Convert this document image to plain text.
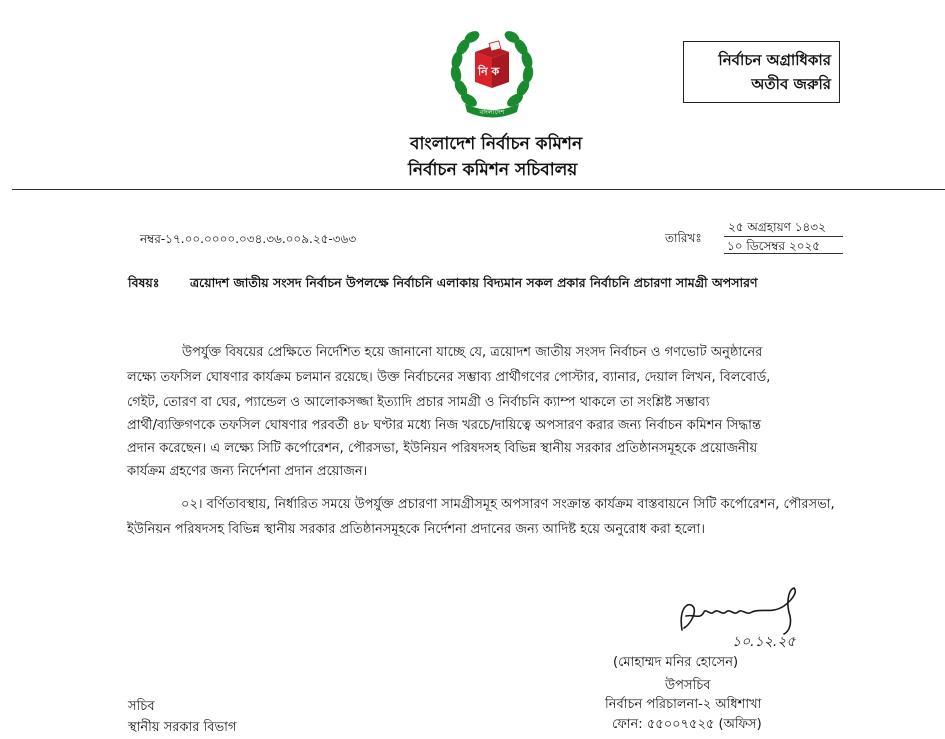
নি ক
বাংলাদেশ
বাংলাদেশ নির্বাচন কমিশন
নির্বাচন কমিশন সচিবালয়
নির্বাচন অগ্রাধিকার
অতীব জরুরি
নম্বর-১৭.০০.০০০০.০৩৪.৩৬.০০৯.২৫-৩৬৩	তারিখঃ
২৫ অগ্রহায়ণ ১৪৩২
১০ ডিসেম্বর ২০২৫
বিষয়ঃ ত্রয়োদশ জাতীয় সংসদ নির্বাচন উপলক্ষে নির্বাচনি এলাকায় বিদ্যমান সকল প্রকার নির্বাচনি প্রচারণা সামগ্রী অপসারণ
উপর্যুক্ত বিষয়ের প্রেক্ষিতে নির্দেশিত হয়ে জানানো যাচ্ছে যে, ত্রয়োদশ জাতীয় সংসদ নির্বাচন ও গণভোট অনুষ্ঠানের
লক্ষ্যে তফসিল ঘোষণার কার্যক্রম চলমান রয়েছে। উক্ত নির্বাচনের সম্ভাব্য প্রার্থীগণের পোস্টার, ব্যানার, দেয়াল লিখন, বিলবোর্ড,
গেইট, তোরণ বা ঘের, প্যান্ডেল ও আলোকসজ্জা ইত্যাদি প্রচার সামগ্রী ও নির্বাচনি ক্যাম্প থাকলে তা সংশ্লিষ্ট সম্ভাব্য
প্রার্থী/ব্যক্তিগণকে তফসিল ঘোষণার পরবর্তী ৪৮ ঘণ্টার মধ্যে নিজ খরচে/দায়িত্বে অপসারণ করার জন্য নির্বাচন কমিশন সিদ্ধান্ত
প্রদান করেছেন। এ লক্ষ্যে সিটি কর্পোরেশন, পৌরসভা, ইউনিয়ন পরিষদসহ বিভিন্ন স্থানীয় সরকার প্রতিষ্ঠানসমূহকে প্রয়োজনীয়
কার্যক্রম গ্রহণের জন্য নির্দেশনা প্রদান প্রয়োজন।
০২। বর্ণিতাবস্থায়, নির্ধারিত সময়ে উপর্যুক্ত প্রচারণা সামগ্রীসমূহ অপসারণ সংক্রান্ত কার্যক্রম বাস্তবায়নে সিটি কর্পোরেশন, পৌরসভা,
ইউনিয়ন পরিষদসহ বিভিন্ন স্থানীয় সরকার প্রতিষ্ঠানসমূহকে নির্দেশনা প্রদানের জন্য আদিষ্ট হয়ে অনুরোধ করা হলো।
১০.১২.২৫
(মোহাম্মদ মনির হোসেন)
উপসচিব
নির্বাচন পরিচালনা-২ অধিশাখা
ফোন: ৫৫০০৭৫২৫ (অফিস)
সচিব
স্থানীয় সরকার বিভাগ
